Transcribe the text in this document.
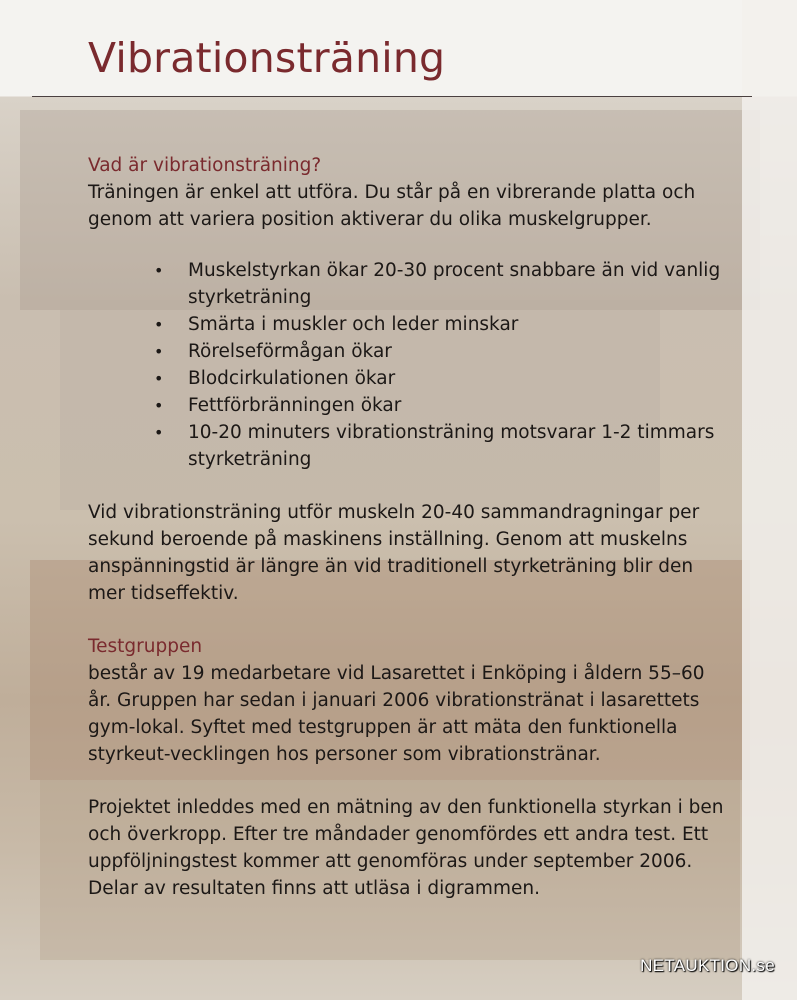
Vibrationsträning
Vad är vibrationsträning?

Träningen är enkel att utföra. Du står på en vibrerande platta och genom att variera position aktiverar du olika muskelgrupper.

• Muskelstyrkan ökar 20-30 procent snabbare än vid vanlig styrketräning
• Smärta i muskler och leder minskar
• Rörelseförmågan ökar
• Blodcirkulationen ökar
• Fettförbränningen ökar
• 10-20 minuters vibrationsträning motsvarar 1-2 timmars styrketräning

Vid vibrationsträning utför muskeln 20-40 sammandragningar per sekund beroende på maskinens inställning. Genom att muskelns anspänningstid är längre än vid traditionell styrketräning blir den mer tidseffektiv.

Testgruppen

består av 19 medarbetare vid Lasarettet i Enköping i åldern 55–60 år. Gruppen har sedan i januari 2006 vibrationstränat i lasarettets gym-lokal. Syftet med testgruppen är att mäta den funktionella styrkeut-vecklingen hos personer som vibrationstränar.

Projektet inleddes med en mätning av den funktionella styrkan i ben och överkropp. Efter tre måndader genomfördes ett andra test. Ett uppföljningstest kommer att genomföras under september 2006. Delar av resultaten finns att utläsa i digrammen.

NETAUKTION.se
